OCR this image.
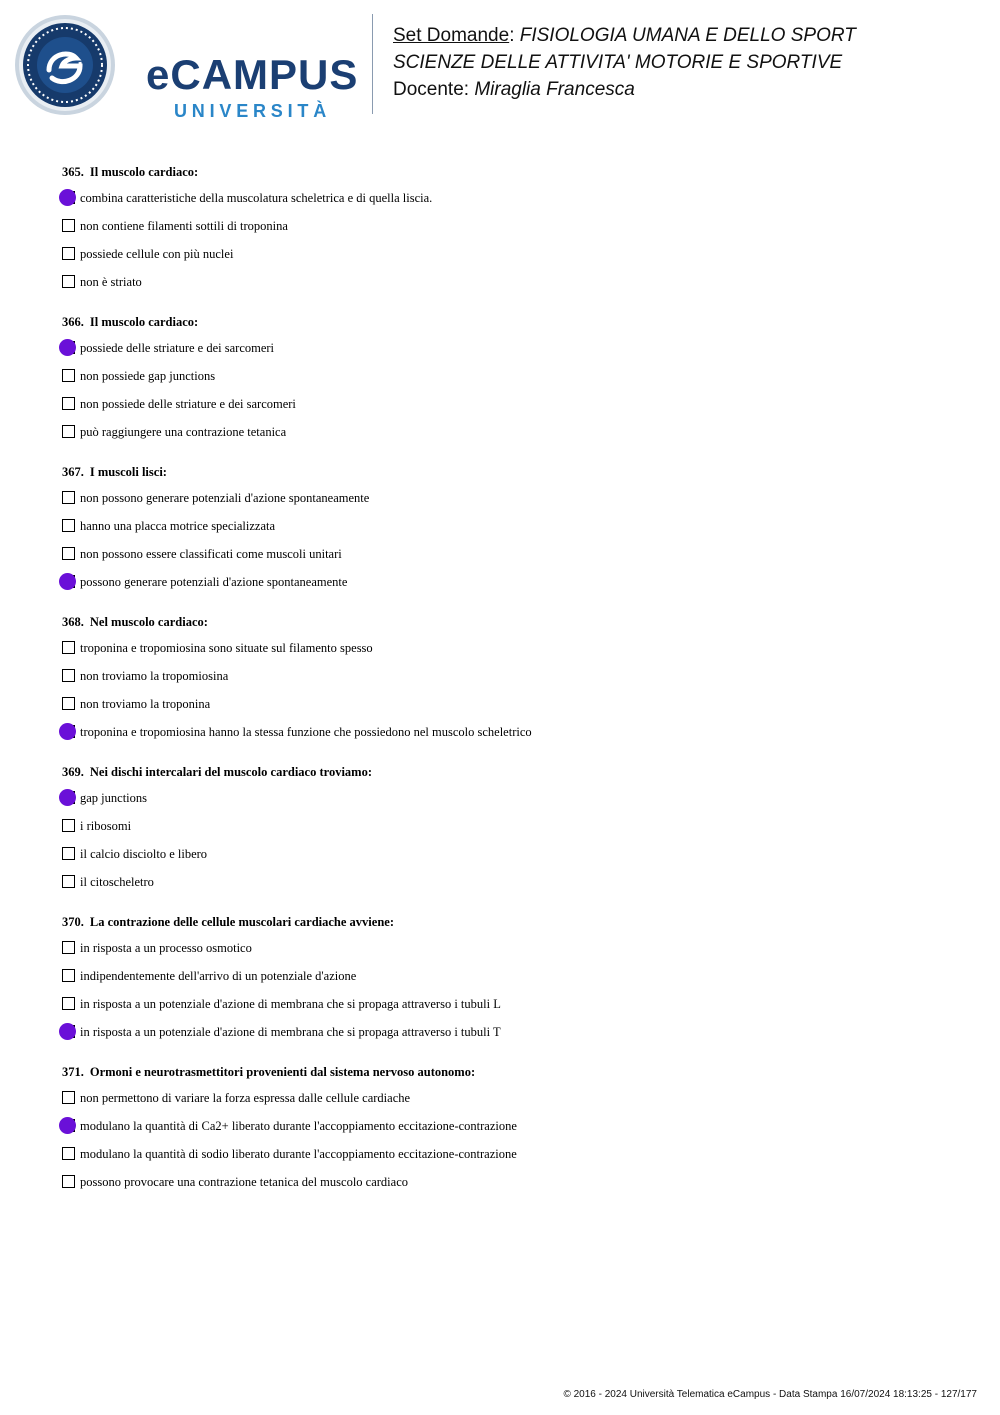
eCAMPUS
UNIVERSITÀ
Set Domande: FISIOLOGIA UMANA E DELLO SPORT
SCIENZE DELLE ATTIVITA' MOTORIE E SPORTIVE
Docente: Miraglia Francesca
365. Il muscolo cardiaco:
combina caratteristiche della muscolatura scheletrica e di quella liscia.
non contiene filamenti sottili di troponina
possiede cellule con più nuclei
non è striato
366. Il muscolo cardiaco:
possiede delle striature e dei sarcomeri
non possiede gap junctions
non possiede delle striature e dei sarcomeri
può raggiungere una contrazione tetanica
367. I muscoli lisci:
non possono generare potenziali d'azione spontaneamente
hanno una placca motrice specializzata
non possono essere classificati come muscoli unitari
possono generare potenziali d'azione spontaneamente
368. Nel muscolo cardiaco:
troponina e tropomiosina sono situate sul filamento spesso
non troviamo la tropomiosina
non troviamo la troponina
troponina e tropomiosina hanno la stessa funzione che possiedono nel muscolo scheletrico
369. Nei dischi intercalari del muscolo cardiaco troviamo:
gap junctions
i ribosomi
il calcio disciolto e libero
il citoscheletro
370. La contrazione delle cellule muscolari cardiache avviene:
in risposta a un processo osmotico
indipendentemente dell'arrivo di un potenziale d'azione
in risposta a un potenziale d'azione di membrana che si propaga attraverso i tubuli L
in risposta a un potenziale d'azione di membrana che si propaga attraverso i tubuli T
371. Ormoni e neurotrasmettitori provenienti dal sistema nervoso autonomo:
non permettono di variare la forza espressa dalle cellule cardiache
modulano la quantità di Ca2+ liberato durante l'accoppiamento eccitazione-contrazione
modulano la quantità di sodio liberato durante l'accoppiamento eccitazione-contrazione
possono provocare una contrazione tetanica del muscolo cardiaco
© 2016 - 2024 Università Telematica eCampus - Data Stampa 16/07/2024 18:13:25 - 127/177
